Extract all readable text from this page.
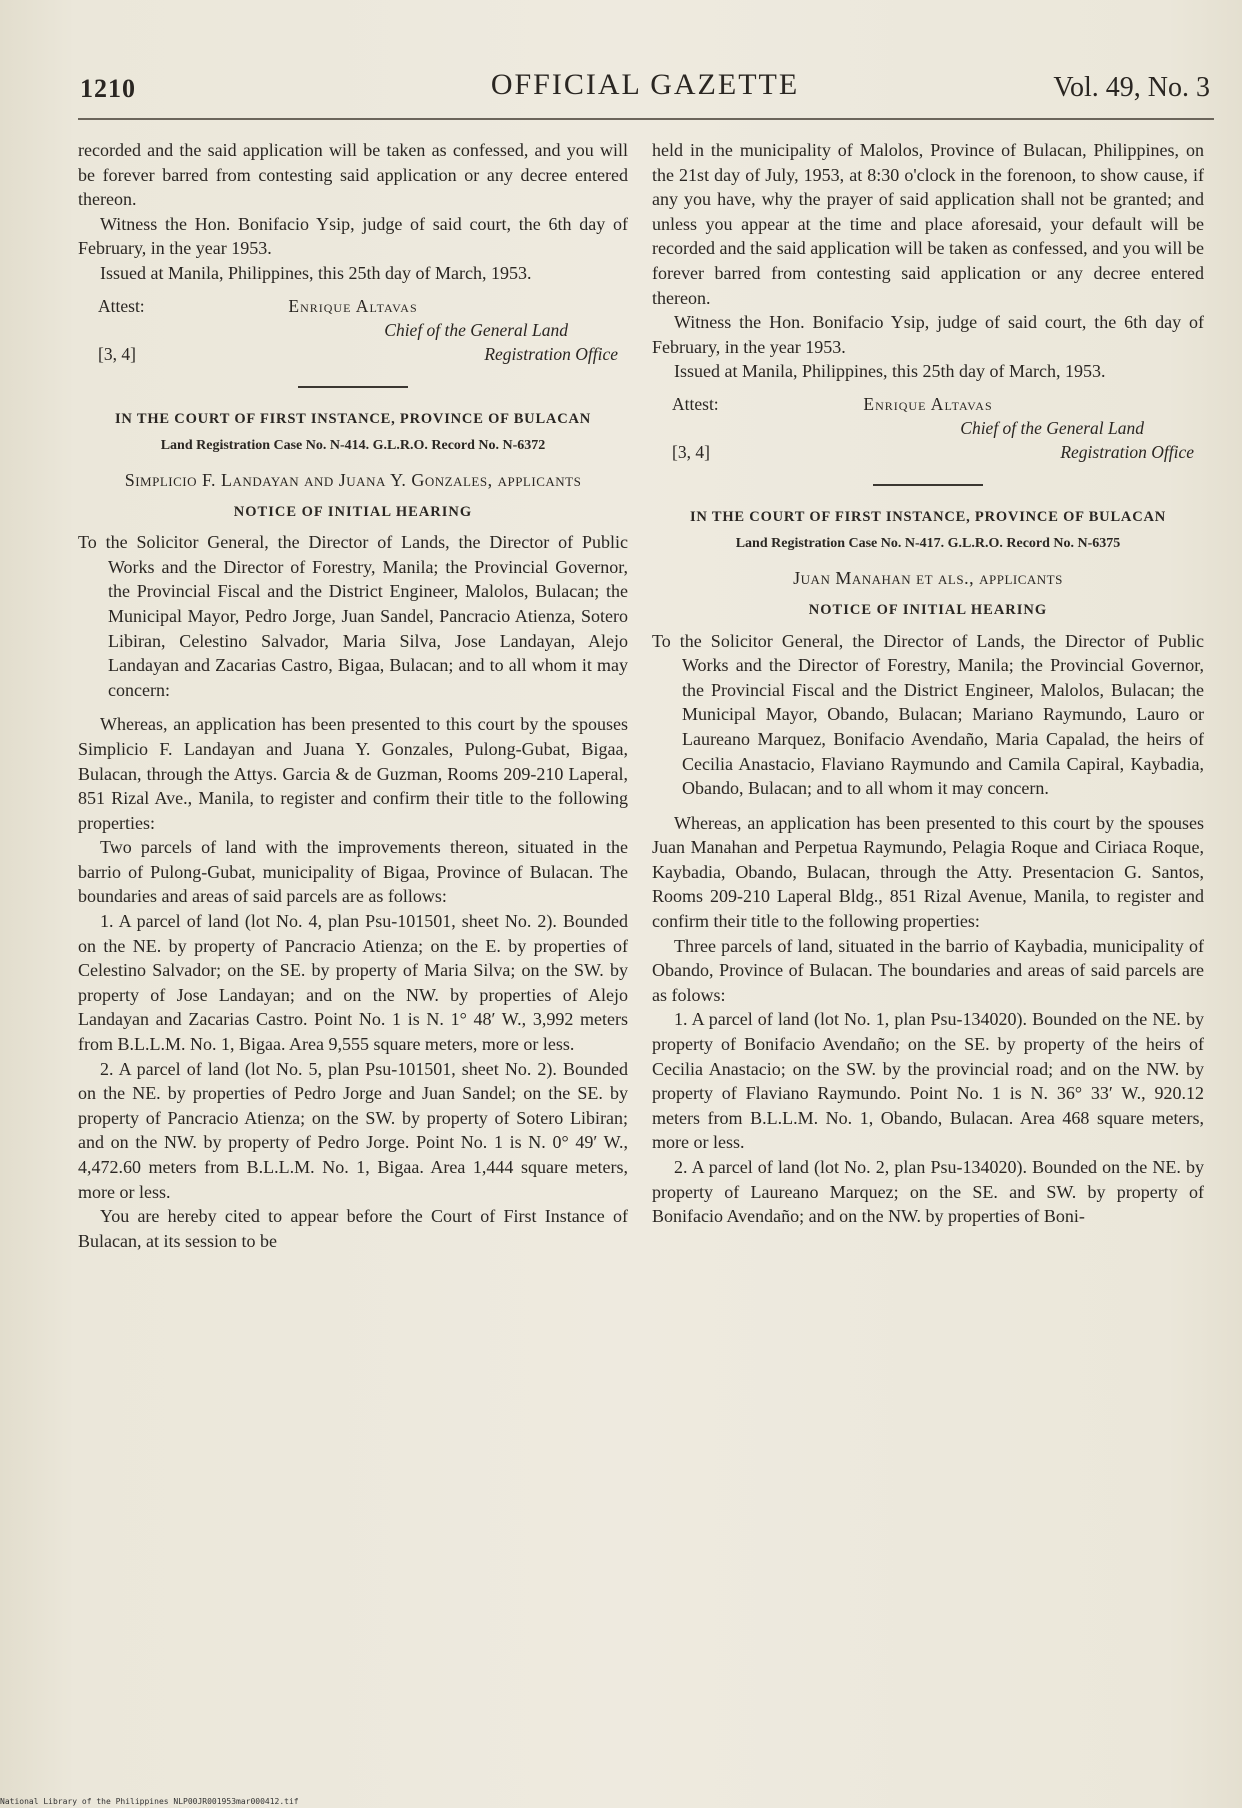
1210	OFFICIAL GAZETTE	Vol. 49, No. 3

recorded and the said application will be taken as confessed, and you will be forever barred from contesting said application or any decree entered thereon.

Witness the Hon. Bonifacio Ysip, judge of said court, the 6th day of February, in the year 1953.

Issued at Manila, Philippines, this 25th day of March, 1953.

Attest:	Enrique Altavas
Chief of the General Land
[3, 4]	Registration Office
IN THE COURT OF FIRST INSTANCE, PROVINCE OF BULACAN
Land Registration Case No. N-414. G.L.R.O. Record No. N-6372
Simplicio F. Landayan and Juana Y. Gonzales, applicants
NOTICE OF INITIAL HEARING

To the Solicitor General, the Director of Lands, the Director of Public Works and the Director of Forestry, Manila; the Provincial Governor, the Provincial Fiscal and the District Engineer, Malolos, Bulacan; the Municipal Mayor, Pedro Jorge, Juan Sandel, Pancracio Atienza, Sotero Libiran, Celestino Salvador, Maria Silva, Jose Landayan, Alejo Landayan and Zacarias Castro, Bigaa, Bulacan; and to all whom it may concern:

Whereas, an application has been presented to this court by the spouses Simplicio F. Landayan and Juana Y. Gonzales, Pulong-Gubat, Bigaa, Bulacan, through the Attys. Garcia & de Guzman, Rooms 209-210 Laperal, 851 Rizal Ave., Manila, to register and confirm their title to the following properties:

Two parcels of land with the improvements thereon, situated in the barrio of Pulong-Gubat, municipality of Bigaa, Province of Bulacan. The boundaries and areas of said parcels are as follows:

1. A parcel of land (lot No. 4, plan Psu-101501, sheet No. 2). Bounded on the NE. by property of Pancracio Atienza; on the E. by properties of Celestino Salvador; on the SE. by property of Maria Silva; on the SW. by property of Jose Landayan; and on the NW. by properties of Alejo Landayan and Zacarias Castro. Point No. 1 is N. 1° 48′ W., 3,992 meters from B.L.L.M. No. 1, Bigaa. Area 9,555 square meters, more or less.

2. A parcel of land (lot No. 5, plan Psu-101501, sheet No. 2). Bounded on the NE. by properties of Pedro Jorge and Juan Sandel; on the SE. by property of Pancracio Atienza; on the SW. by property of Sotero Libiran; and on the NW. by property of Pedro Jorge. Point No. 1 is N. 0° 49′ W., 4,472.60 meters from B.L.L.M. No. 1, Bigaa. Area 1,444 square meters, more or less.

You are hereby cited to appear before the Court of First Instance of Bulacan, at its session to be

held in the municipality of Malolos, Province of Bulacan, Philippines, on the 21st day of July, 1953, at 8:30 o'clock in the forenoon, to show cause, if any you have, why the prayer of said application shall not be granted; and unless you appear at the time and place aforesaid, your default will be recorded and the said application will be taken as confessed, and you will be forever barred from contesting said application or any decree entered thereon.

Witness the Hon. Bonifacio Ysip, judge of said court, the 6th day of February, in the year 1953.

Issued at Manila, Philippines, this 25th day of March, 1953.

Attest:	Enrique Altavas
Chief of the General Land
[3, 4]	Registration Office
IN THE COURT OF FIRST INSTANCE, PROVINCE OF BULACAN
Land Registration Case No. N-417. G.L.R.O. Record No. N-6375
Juan Manahan et als., applicants
NOTICE OF INITIAL HEARING

To the Solicitor General, the Director of Lands, the Director of Public Works and the Director of Forestry, Manila; the Provincial Governor, the Provincial Fiscal and the District Engineer, Malolos, Bulacan; the Municipal Mayor, Obando, Bulacan; Mariano Raymundo, Lauro or Laureano Marquez, Bonifacio Avendaño, Maria Capalad, the heirs of Cecilia Anastacio, Flaviano Raymundo and Camila Capiral, Kaybadia, Obando, Bulacan; and to all whom it may concern.

Whereas, an application has been presented to this court by the spouses Juan Manahan and Perpetua Raymundo, Pelagia Roque and Ciriaca Roque, Kaybadia, Obando, Bulacan, through the Atty. Presentacion G. Santos, Rooms 209-210 Laperal Bldg., 851 Rizal Avenue, Manila, to register and confirm their title to the following properties:

Three parcels of land, situated in the barrio of Kaybadia, municipality of Obando, Province of Bulacan. The boundaries and areas of said parcels are as folows:

1. A parcel of land (lot No. 1, plan Psu-134020). Bounded on the NE. by property of Bonifacio Avendaño; on the SE. by property of the heirs of Cecilia Anastacio; on the SW. by the provincial road; and on the NW. by property of Flaviano Raymundo. Point No. 1 is N. 36° 33′ W., 920.12 meters from B.L.L.M. No. 1, Obando, Bulacan. Area 468 square meters, more or less.

2. A parcel of land (lot No. 2, plan Psu-134020). Bounded on the NE. by property of Laureano Marquez; on the SE. and SW. by property of Bonifacio Avendaño; and on the NW. by properties of Boni-

National Library of the Philippines NLP00JR001953mar000412.tif
